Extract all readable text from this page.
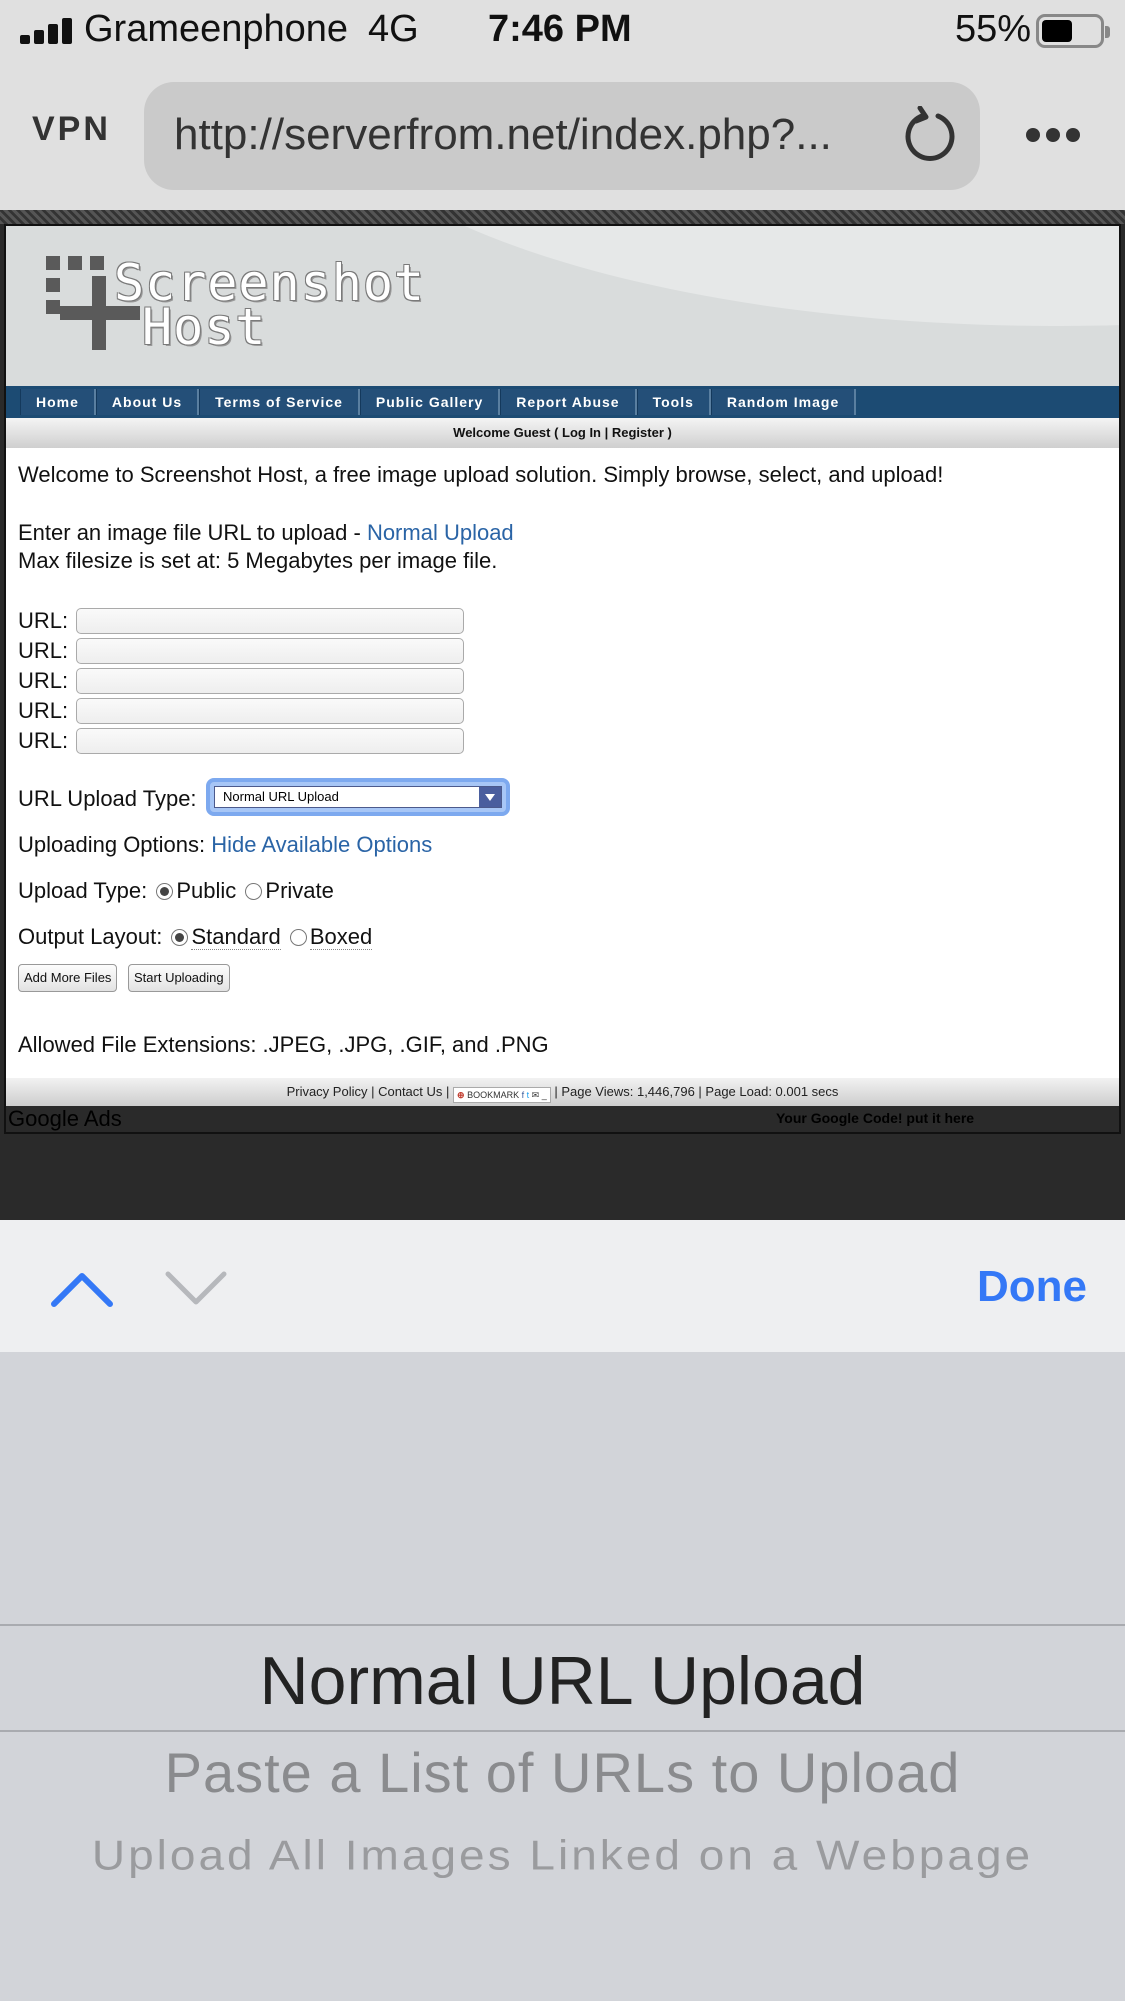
Grameenphone 4G 7:46 PM	55%
VPN http://serverfrom.net/index.php?...
Screenshot
Host
Home	About Us	Terms of Service	Public Gallery	Report Abuse	Tools	Random Image
Welcome Guest ( Log In | Register )
Welcome to Screenshot Host, a free image upload solution. Simply browse, select, and upload!
Enter an image file URL to upload - Normal Upload
Max filesize is set at: 5 Megabytes per image file.
URL:
URL:
URL:
URL:
URL:
URL Upload Type:	Normal URL Upload
Uploading Options: Hide Available Options
Upload Type: Public Private
Output Layout: Standard Boxed
Add More Files	Start Uploading
Allowed File Extensions: .JPEG, .JPG, .GIF, and .PNG
Privacy Policy | Contact Us | ⊕ BOOKMARK f t ✉ _ | Page Views: 1,446,796 | Page Load: 0.001 secs
Google Ads	Your Google Code! put it here
Done
Normal URL Upload
Paste a List of URLs to Upload
Upload All Images Linked on a Webpage
